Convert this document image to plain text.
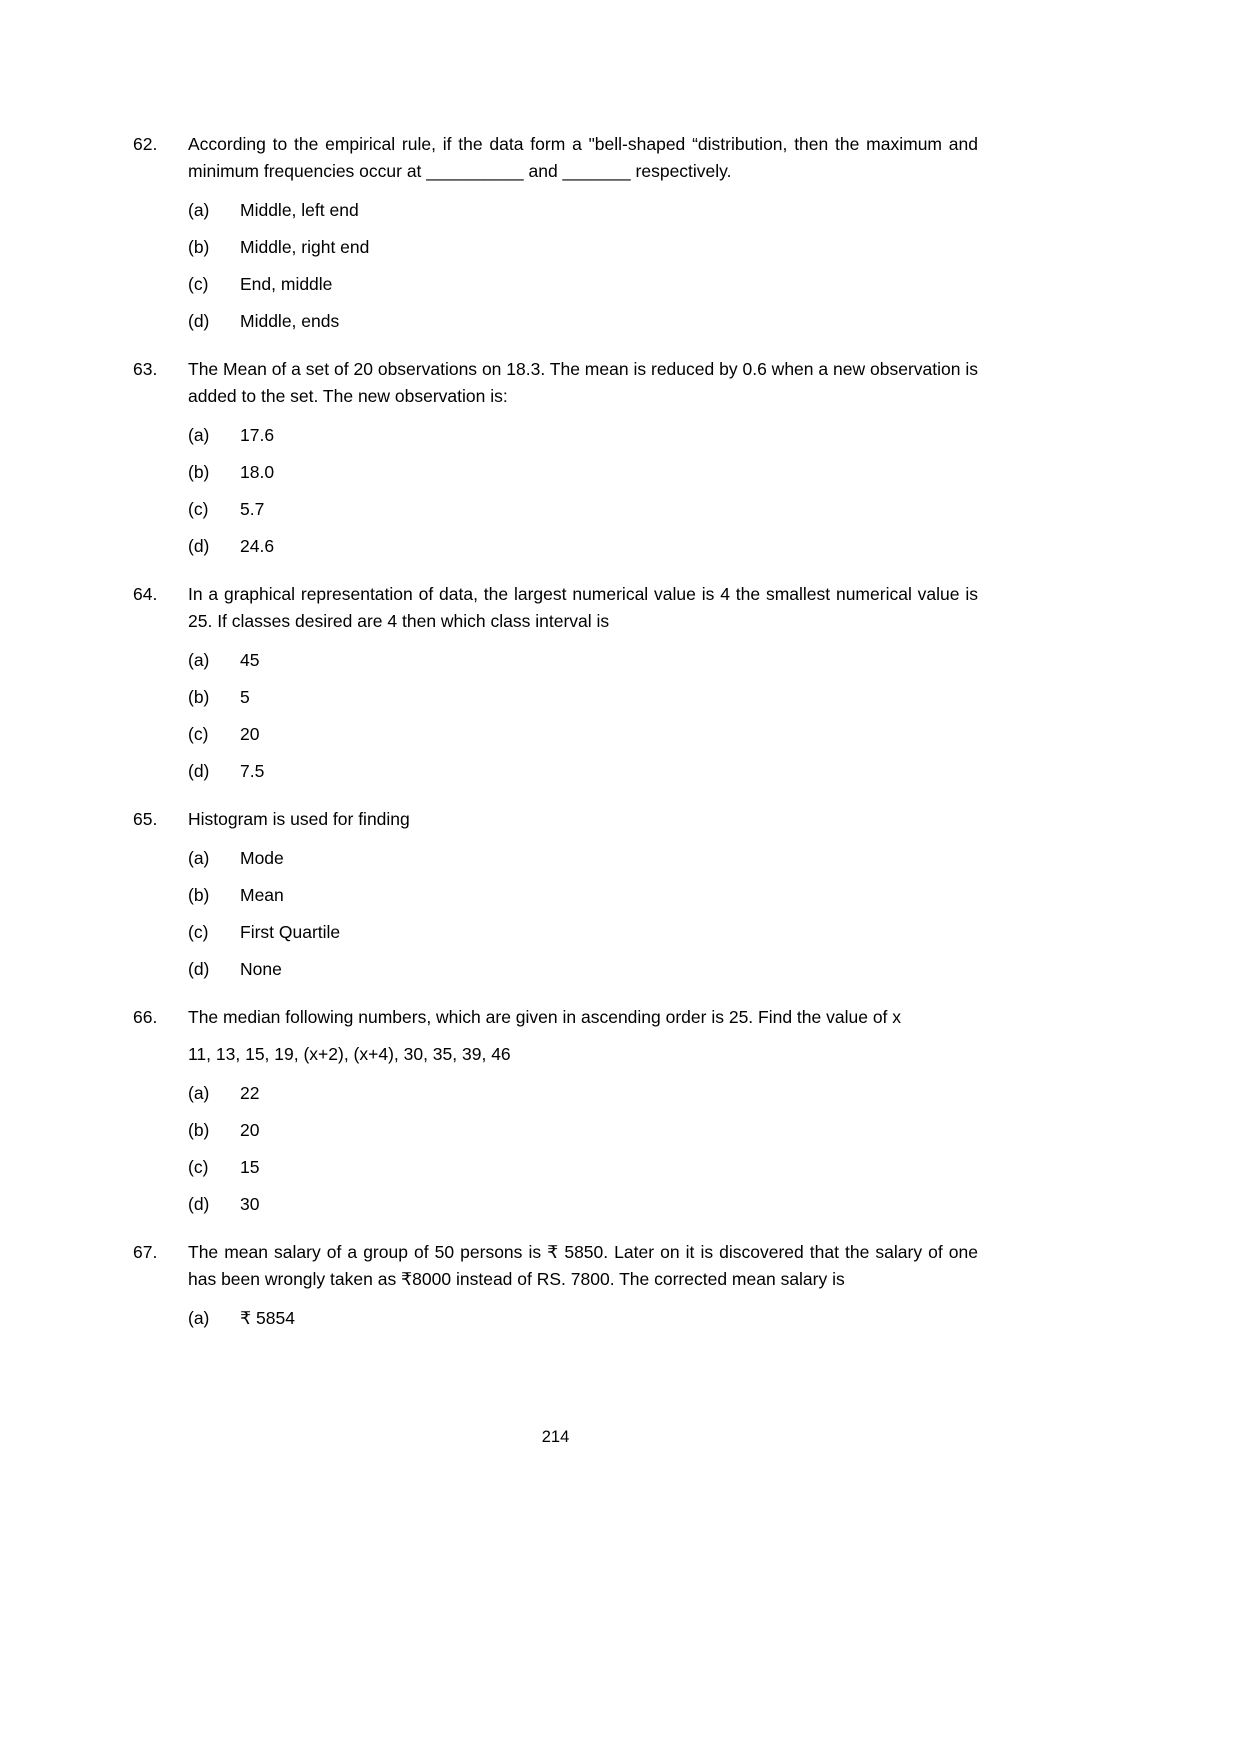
62.	According to the empirical rule, if the data form a "bell-shaped “distribution, then the maximum and minimum frequencies occur at __________ and _______ respectively.
(a)	Middle, left end
(b)	Middle, right end
(c)	End, middle
(d)	Middle, ends
63.	The Mean of a set of 20 observations on 18.3. The mean is reduced by 0.6 when a new observation is added to the set. The new observation is:
(a)	17.6
(b)	18.0
(c)	5.7
(d)	24.6
64.	In a graphical representation of data, the largest numerical value is 4 the smallest numerical value is 25. If classes desired are 4 then which class interval is
(a)	45
(b)	5
(c)	20
(d)	7.5
65.	Histogram is used for finding
(a)	Mode
(b)	Mean
(c)	First Quartile
(d)	None
66.	The median following numbers, which are given in ascending order is 25. Find the value of x
11, 13, 15, 19, (x+2), (x+4), 30, 35, 39, 46
(a)	22
(b)	20
(c)	15
(d)	30
67.	The mean salary of a group of 50 persons is ₹ 5850. Later on it is discovered that the salary of one has been wrongly taken as ₹8000 instead of RS. 7800. The corrected mean salary is
(a)	₹ 5854
214
